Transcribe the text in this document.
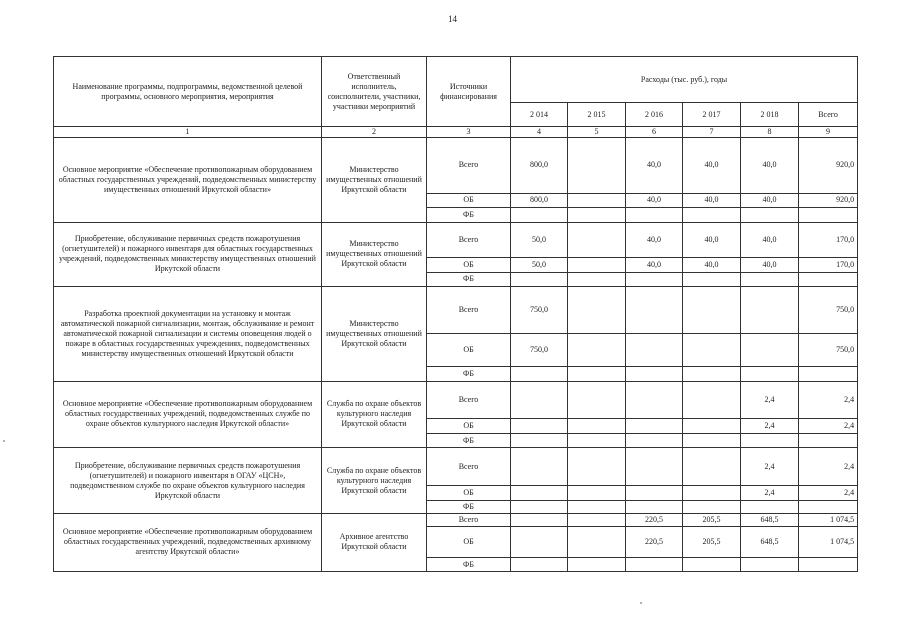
14
Наименование программы, подпрограммы, ведомственной целевой программы, основного мероприятия, мероприятия	Ответственный исполнитель, соисполнители, участники, участники мероприятий	Источники финансирования	Расходы (тыс. руб.), годы					
			2 014	2 015	2 016	2 017	2 018	Всего
1	2	3	4	5	6	7	8	9
Основное мероприятие «Обеспечение противопожарным оборудованием областных государственных учреждений, подведомственных министерству имущественных отношений Иркутской области»	Министерство имущественных отношений Иркутской области	Всего	800,0		40,0	40,0	40,0	920,0
		ОБ	800,0		40,0	40,0	40,0	920,0
		ФБ						
Приобретение, обслуживание первичных средств пожаротушения (огнетушителей) и пожарного инвентаря для областных государственных учреждений, подведомственных министерству имущественных отношений Иркутской области	Министерство имущественных отношений Иркутской области	Всего	50,0		40,0	40,0	40,0	170,0
		ОБ	50,0		40,0	40,0	40,0	170,0
		ФБ						
Разработка проектной документации на установку и монтаж автоматической пожарной сигнализации, монтаж, обслуживание и ремонт автоматической пожарной сигнализации и системы оповещения людей о пожаре в областных государственных учреждениях, подведомственных министерству имущественных отношений Иркутской области	Министерство имущественных отношений Иркутской области	Всего	750,0					750,0
		ОБ	750,0					750,0
		ФБ						
Основное мероприятие «Обеспечение противопожарным оборудованием областных государственных учреждений, подведомственных службе по охране объектов культурного наследия Иркутской области»	Служба по охране объектов культурного наследия Иркутской области	Всего					2,4	2,4
		ОБ					2,4	2,4
		ФБ						
Приобретение, обслуживание первичных средств пожаротушения (огнетушителей) и пожарного инвентаря в ОГАУ «ЦСН», подведомственном службе по охране объектов культурного наследия Иркутской области	Служба по охране объектов культурного наследия Иркутской области	Всего					2,4	2,4
		ОБ					2,4	2,4
		ФБ						
Основное мероприятие «Обеспечение противопожарным оборудованием областных государственных учреждений, подведомственных архивному агентству Иркутской области»	Архивное агентство Иркутской области	Всего			220,5	205,5	648,5	1 074,5
		ОБ			220,5	205,5	648,5	1 074,5
		ФБ						
